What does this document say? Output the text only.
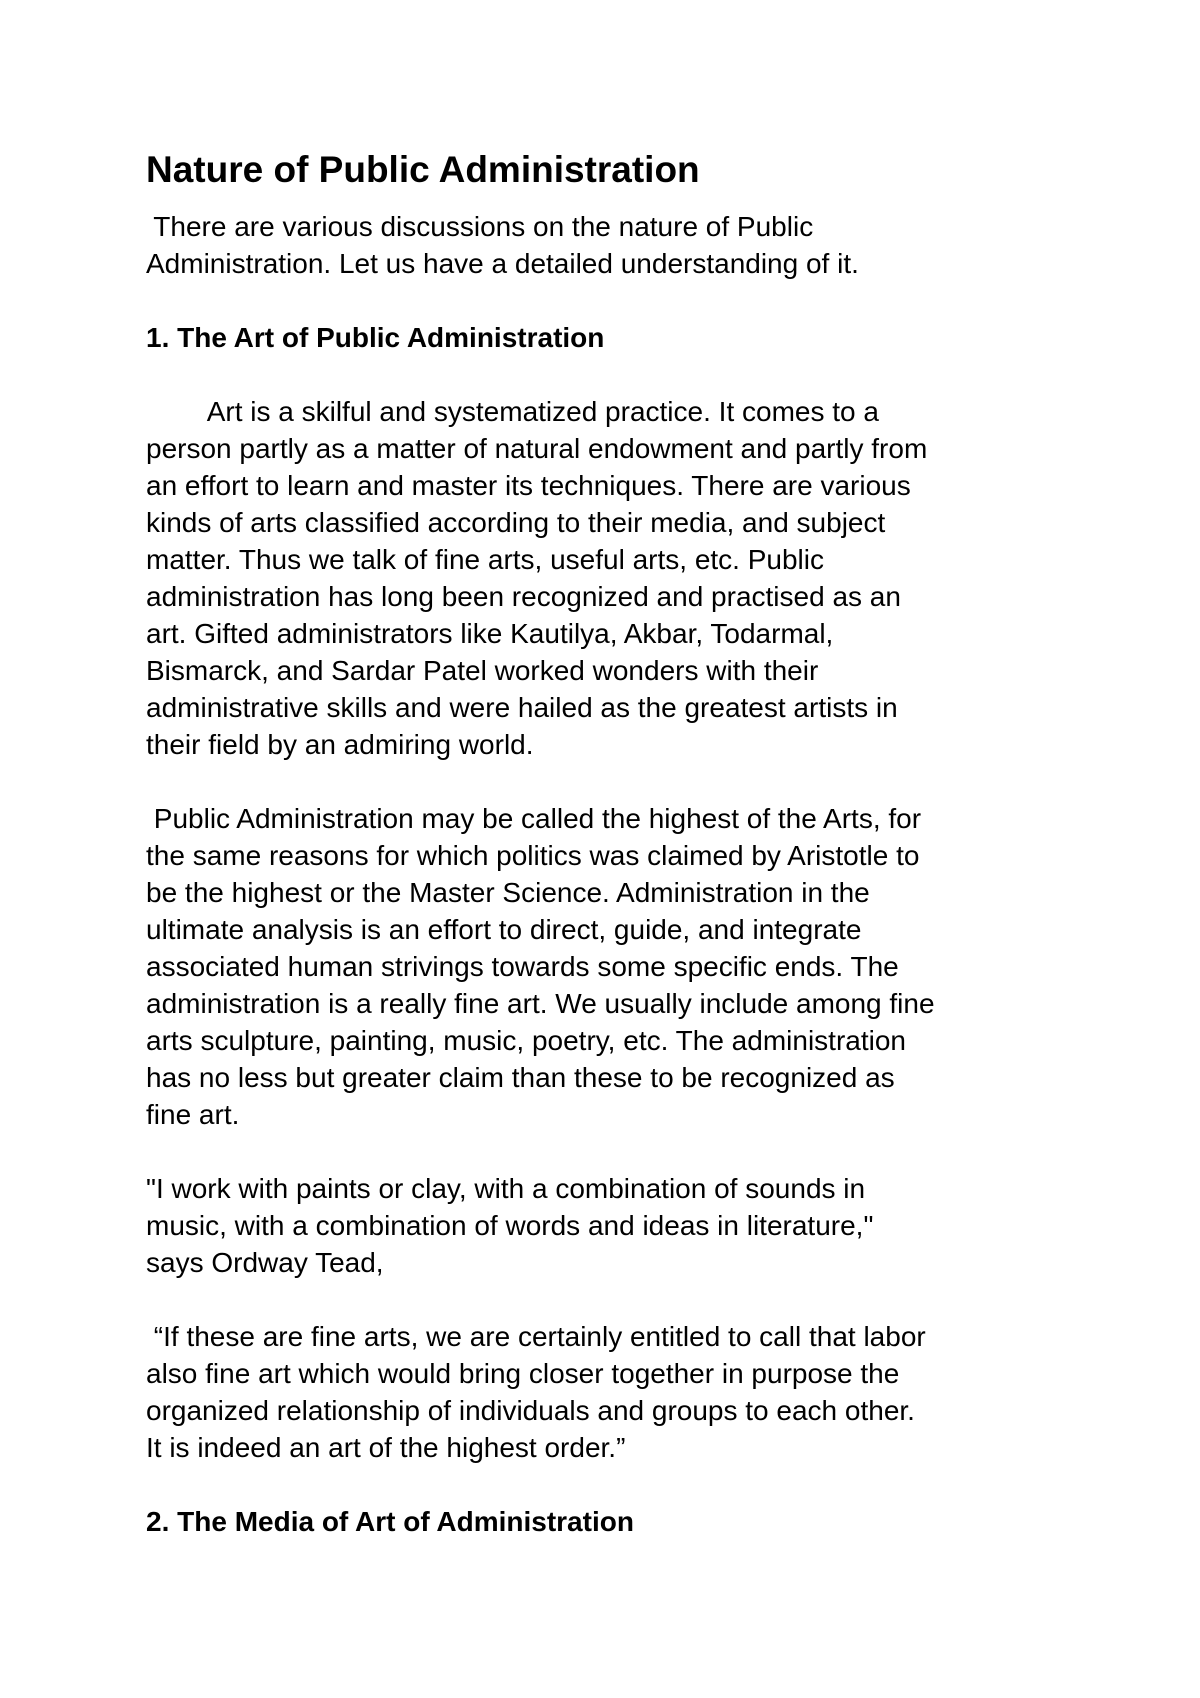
Nature of Public Administration

There are various discussions on the nature of Public
Administration. Let us have a detailed understanding of it.

1. The Art of Public Administration

Art is a skilful and systematized practice. It comes to a
person partly as a matter of natural endowment and partly from
an effort to learn and master its techniques. There are various
kinds of arts classified according to their media, and subject
matter. Thus we talk of fine arts, useful arts, etc. Public
administration has long been recognized and practised as an
art. Gifted administrators like Kautilya, Akbar, Todarmal,
Bismarck, and Sardar Patel worked wonders with their
administrative skills and were hailed as the greatest artists in
their field by an admiring world.

Public Administration may be called the highest of the Arts, for
the same reasons for which politics was claimed by Aristotle to
be the highest or the Master Science. Administration in the
ultimate analysis is an effort to direct, guide, and integrate
associated human strivings towards some specific ends. The
administration is a really fine art. We usually include among fine
arts sculpture, painting, music, poetry, etc. The administration
has no less but greater claim than these to be recognized as
fine art.

"I work with paints or clay, with a combination of sounds in
music, with a combination of words and ideas in literature,"
says Ordway Tead,

“If these are fine arts, we are certainly entitled to call that labor
also fine art which would bring closer together in purpose the
organized relationship of individuals and groups to each other.
It is indeed an art of the highest order.”

2. The Media of Art of Administration
